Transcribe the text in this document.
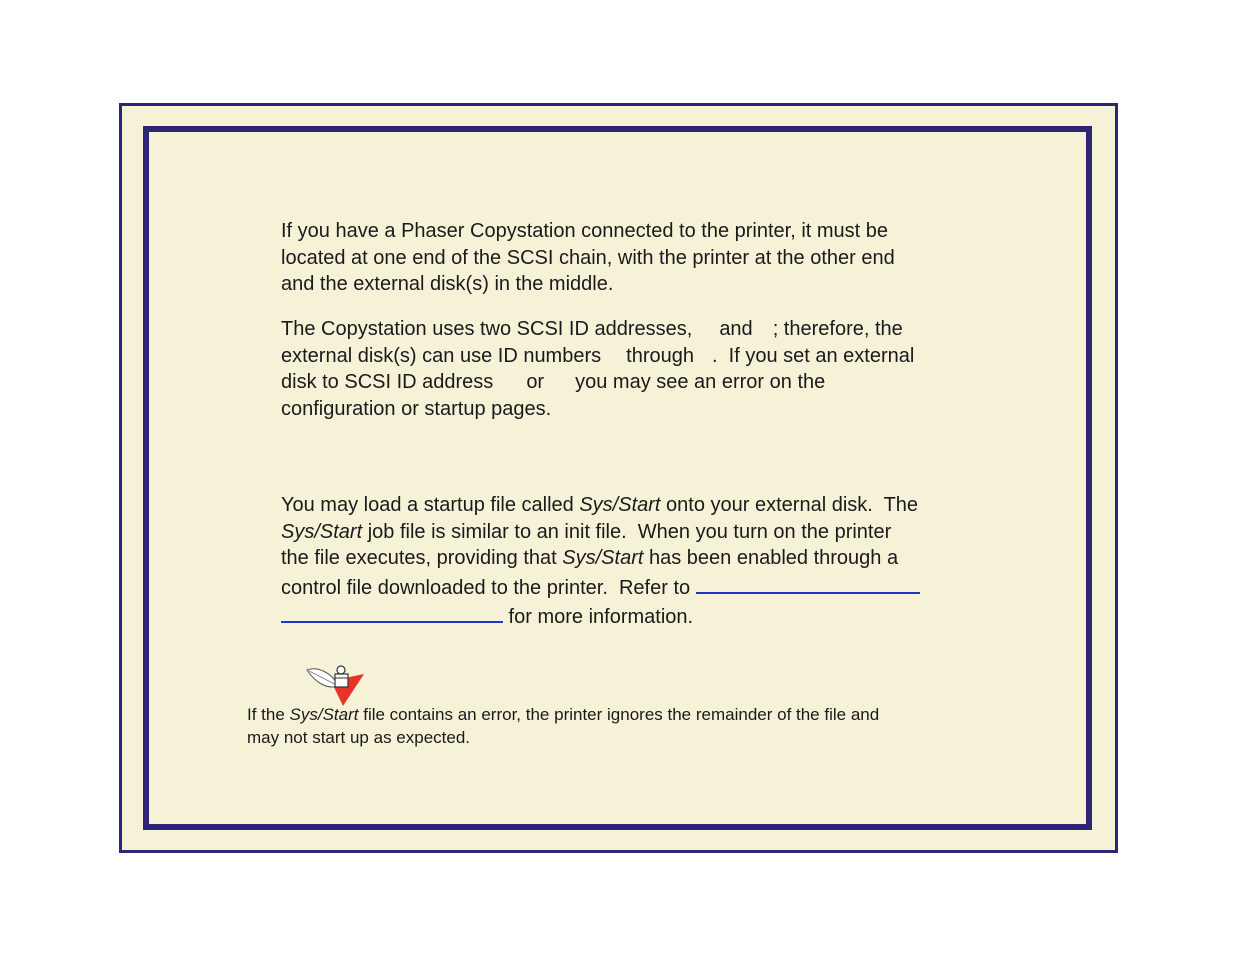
If you have a Phaser Copystation connected to the printer, it must be
located at one end of the SCSI chain, with the printer at the other end
and the external disk(s) in the middle.

The Copystation uses two SCSI ID addresses, and ; therefore, the
external disk(s) can use ID numbers through .  If you set an external
disk to SCSI ID address or you may see an error on the
configuration or startup pages.

You may load a startup file called Sys/Start onto your external disk.  The
Sys/Start job file is similar to an init file.  When you turn on the printer
the file executes, providing that Sys/Start has been enabled through a
control file downloaded to the printer.  Refer to
for more information.

If the Sys/Start file contains an error, the printer ignores the remainder of the file and
may not start up as expected.
